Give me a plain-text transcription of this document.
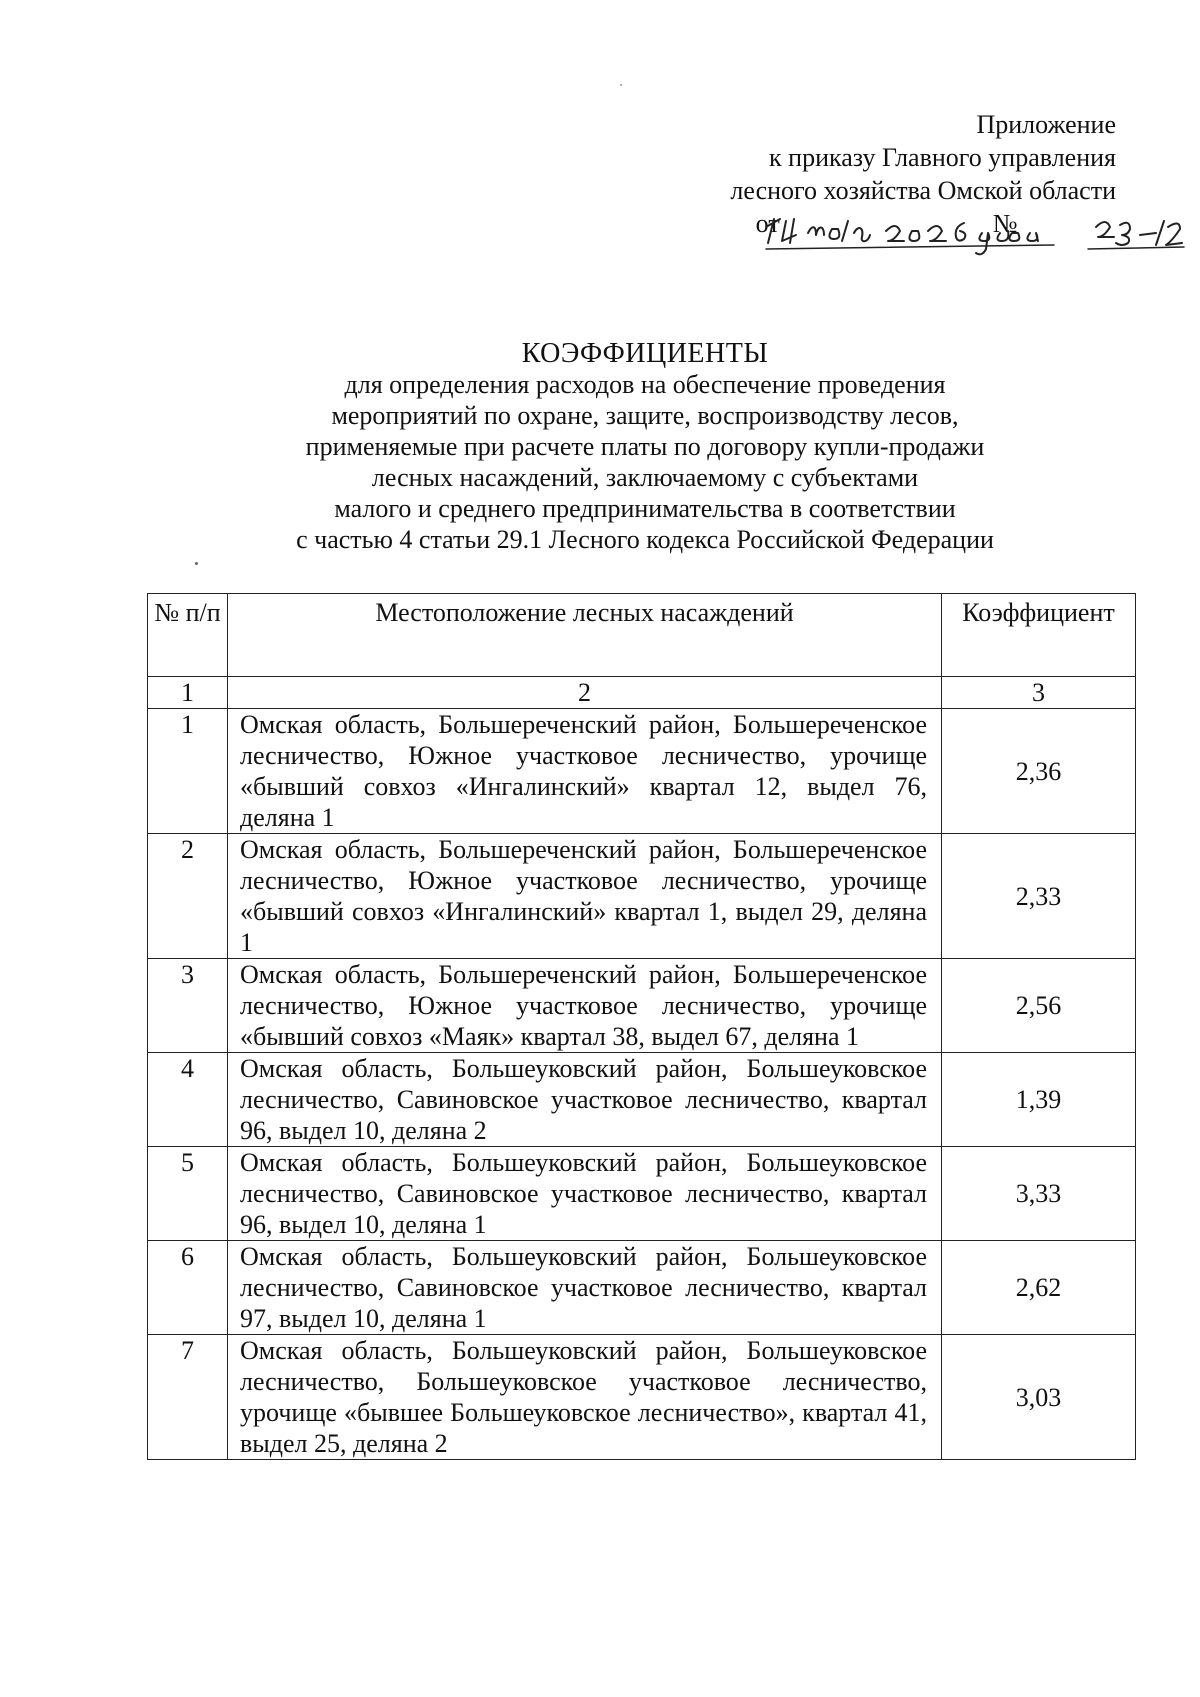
Приложение
к приказу Главного управления
лесного хозяйства Омской области
от	№
КОЭФФИЦИЕНТЫ
для определения расходов на обеспечение проведения
мероприятий по охране, защите, воспроизводству лесов,
применяемые при расчете платы по договору купли-продажи
лесных насаждений, заключаемому с субъектами
малого и среднего предпринимательства в соответствии
с частью 4 статьи 29.1 Лесного кодекса Российской Федерации
№ п/п	Местоположение лесных насаждений	Коэффициент
1	2	3
1	Омская область, Большереченский район, Большереченское лесничество, Южное участковое лесничество, урочище «бывший совхоз «Ингалинский» квартал 12, выдел 76, деляна 1	2,36
2	Омская область, Большереченский район, Большереченское лесничество, Южное участковое лесничество, урочище «бывший совхоз «Ингалинский» квартал 1, выдел 29, деляна 1	2,33
3	Омская область, Большереченский район, Большереченское лесничество, Южное участковое лесничество, урочище «бывший совхоз «Маяк» квартал 38, выдел 67, деляна 1	2,56
4	Омская область, Большеуковский район, Большеуковское лесничество, Савиновское участковое лесничество, квартал 96, выдел 10, деляна 2	1,39
5	Омская область, Большеуковский район, Большеуковское лесничество, Савиновское участковое лесничество, квартал 96, выдел 10, деляна 1	3,33
6	Омская область, Большеуковский район, Большеуковское лесничество, Савиновское участковое лесничество, квартал 97, выдел 10, деляна 1	2,62
7	Омская область, Большеуковский район, Большеуковское лесничество, Большеуковское участковое лесничество, урочище «бывшее Большеуковское лесничество», квартал 41, выдел 25, деляна 2	3,03
